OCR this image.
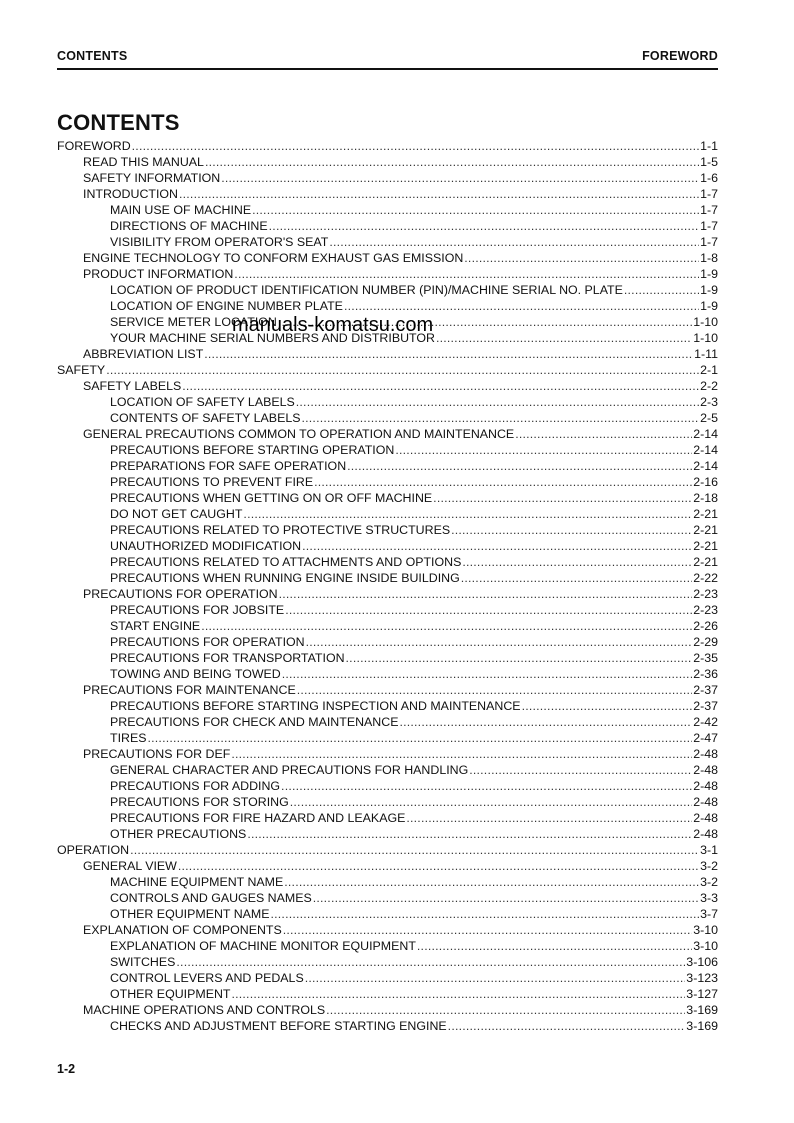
CONTENTS	FOREWORD
CONTENTS
FOREWORD .....	1-1
READ THIS MANUAL .....	1-5
SAFETY INFORMATION .....	1-6
INTRODUCTION .....	1-7
MAIN USE OF MACHINE .....	1-7
DIRECTIONS OF MACHINE .....	1-7
VISIBILITY FROM OPERATOR'S SEAT .....	1-7
ENGINE TECHNOLOGY TO CONFORM EXHAUST GAS EMISSION .....	1-8
PRODUCT INFORMATION .....	1-9
LOCATION OF PRODUCT IDENTIFICATION NUMBER (PIN)/MACHINE SERIAL NO. PLATE .....	1-9
LOCATION OF ENGINE NUMBER PLATE .....	1-9
SERVICE METER LOCATION .....	1-10
YOUR MACHINE SERIAL NUMBERS AND DISTRIBUTOR .....	1-10
ABBREVIATION LIST .....	1-11
SAFETY .....	2-1
SAFETY LABELS .....	2-2
LOCATION OF SAFETY LABELS .....	2-3
CONTENTS OF SAFETY LABELS .....	2-5
GENERAL PRECAUTIONS COMMON TO OPERATION AND MAINTENANCE .....	2-14
PRECAUTIONS BEFORE STARTING OPERATION .....	2-14
PREPARATIONS FOR SAFE OPERATION .....	2-14
PRECAUTIONS TO PREVENT FIRE .....	2-16
PRECAUTIONS WHEN GETTING ON OR OFF MACHINE .....	2-18
DO NOT GET CAUGHT .....	2-21
PRECAUTIONS RELATED TO PROTECTIVE STRUCTURES .....	2-21
UNAUTHORIZED MODIFICATION .....	2-21
PRECAUTIONS RELATED TO ATTACHMENTS AND OPTIONS .....	2-21
PRECAUTIONS WHEN RUNNING ENGINE INSIDE BUILDING .....	2-22
PRECAUTIONS FOR OPERATION .....	2-23
PRECAUTIONS FOR JOBSITE .....	2-23
START ENGINE .....	2-26
PRECAUTIONS FOR OPERATION .....	2-29
PRECAUTIONS FOR TRANSPORTATION .....	2-35
TOWING AND BEING TOWED .....	2-36
PRECAUTIONS FOR MAINTENANCE .....	2-37
PRECAUTIONS BEFORE STARTING INSPECTION AND MAINTENANCE .....	2-37
PRECAUTIONS FOR CHECK AND MAINTENANCE .....	2-42
TIRES .....	2-47
PRECAUTIONS FOR DEF .....	2-48
GENERAL CHARACTER AND PRECAUTIONS FOR HANDLING .....	2-48
PRECAUTIONS FOR ADDING .....	2-48
PRECAUTIONS FOR STORING .....	2-48
PRECAUTIONS FOR FIRE HAZARD AND LEAKAGE .....	2-48
OTHER PRECAUTIONS .....	2-48
OPERATION .....	3-1
GENERAL VIEW .....	3-2
MACHINE EQUIPMENT NAME .....	3-2
CONTROLS AND GAUGES NAMES .....	3-3
OTHER EQUIPMENT NAME .....	3-7
EXPLANATION OF COMPONENTS .....	3-10
EXPLANATION OF MACHINE MONITOR EQUIPMENT .....	3-10
SWITCHES .....	3-106
CONTROL LEVERS AND PEDALS .....	3-123
OTHER EQUIPMENT .....	3-127
MACHINE OPERATIONS AND CONTROLS .....	3-169
CHECKS AND ADJUSTMENT BEFORE STARTING ENGINE .....	3-169
manuals-komatsu.com
1-2
